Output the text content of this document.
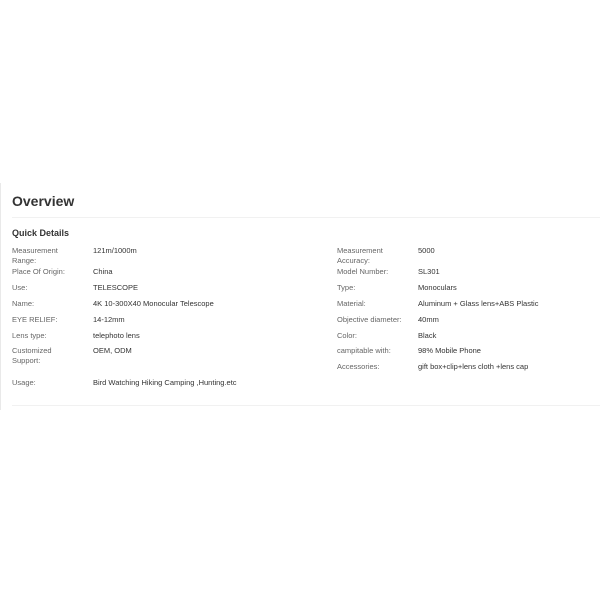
Overview
Quick Details
Measurement Range:
121m/1000m
Place Of Origin:	China
Use:	TELESCOPE
Name:	4K 10-300X40 Monocular Telescope
EYE RELIEF:	14-12mm
Lens type:	telephoto lens
Customized Support:
OEM, ODM
Usage:	Bird Watching Hiking Camping ,Hunting.etc
Measurement Accuracy:
5000
Model Number:	SL301
Type:	Monoculars
Material:	Aluminum + Glass lens+ABS Plastic
Objective diameter:	40mm
Color:	Black
campitable with:	98% Mobile Phone
Accessories:	gift box+clip+lens cloth +lens cap
